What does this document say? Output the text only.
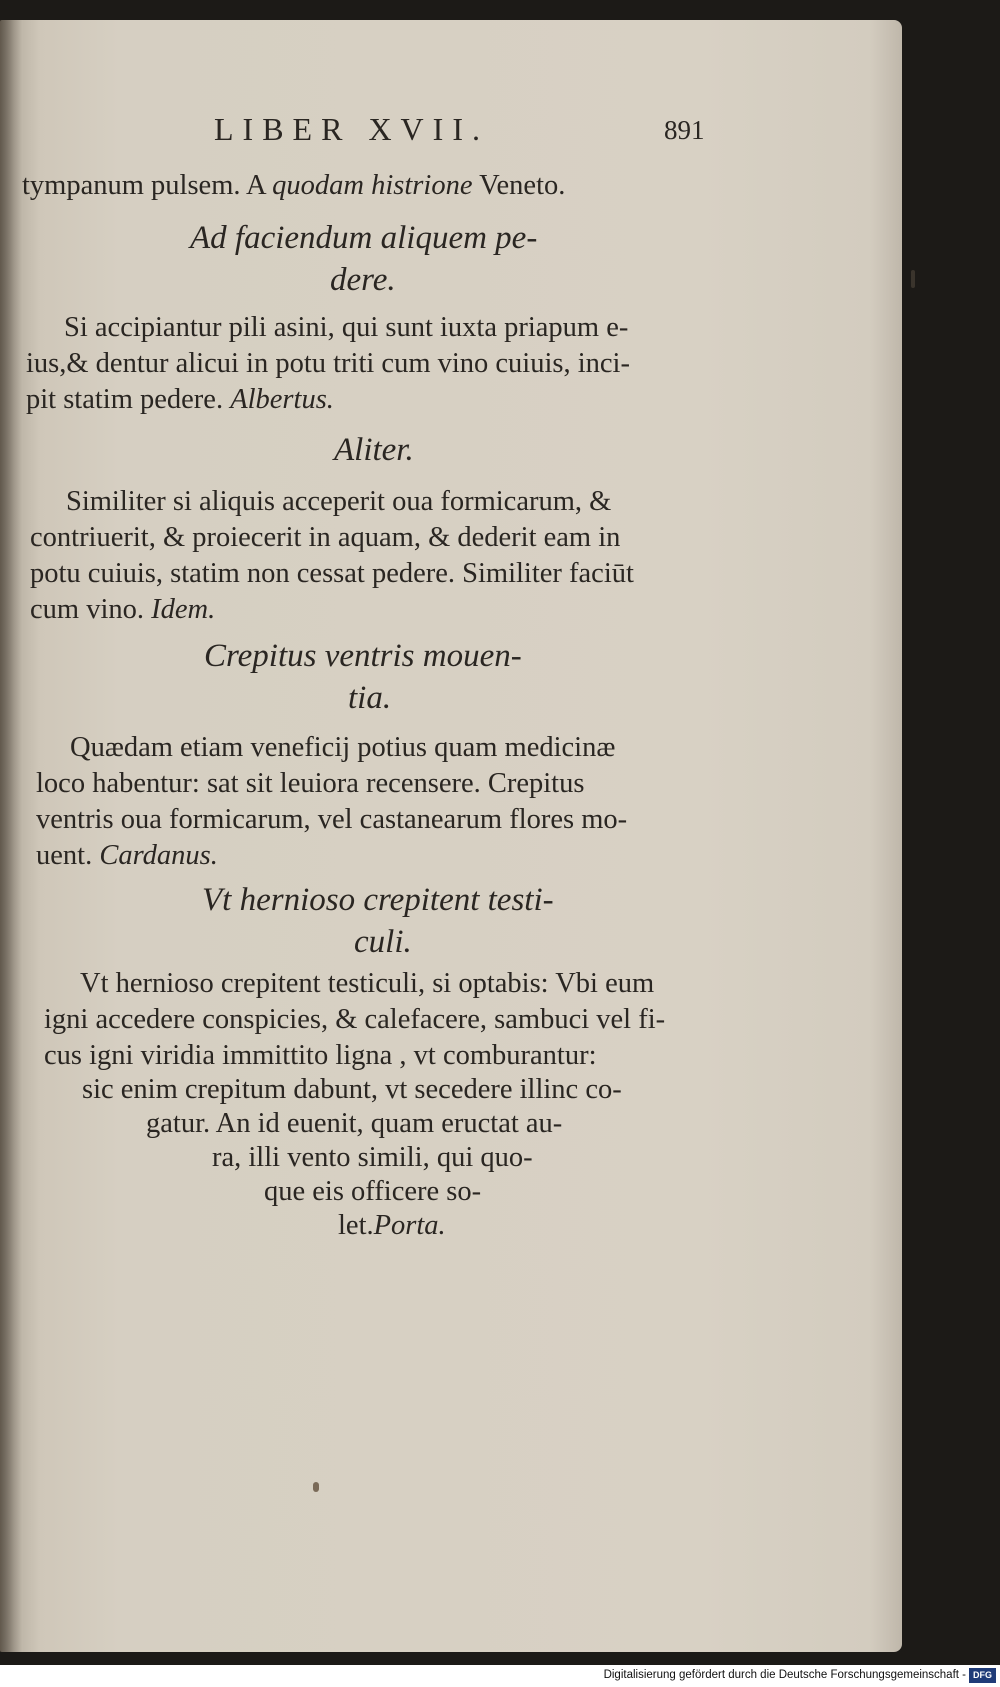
LIBER XVII.	891
tympanum pulsem. A quodam histrione Veneto.
Ad faciendum aliquem pe-
dere.
Si accipiantur pili asini, qui sunt iuxta priapum e-
ius,& dentur alicui in potu triti cum vino cuiuis, inci-
pit statim pedere. Albertus.
Aliter.
Similiter si aliquis acceperit oua formicarum, &
contriuerit, & proiecerit in aquam, & dederit eam in
potu cuiuis, statim non cessat pedere. Similiter faciūt
cum vino. Idem.
Crepitus ventris mouen-
tia.
Quædam etiam veneficij potius quam medicinæ
loco habentur: sat sit leuiora recensere. Crepitus
ventris oua formicarum, vel castanearum flores mo-
uent. Cardanus.
Vt hernioso crepitent testi-
culi.
Vt hernioso crepitent testiculi, si optabis: Vbi eum
igni accedere conspicies, & calefacere, sambuci vel fi-
cus igni viridia immittito ligna , vt comburantur:
sic enim crepitum dabunt, vt secedere illinc co-
gatur. An id euenit, quam eructat au-
ra, illi vento simili, qui quo-
que eis officere so-
let.Porta.
Digitalisierung gefördert durch die Deutsche Forschungsgemeinschaft - DFG
